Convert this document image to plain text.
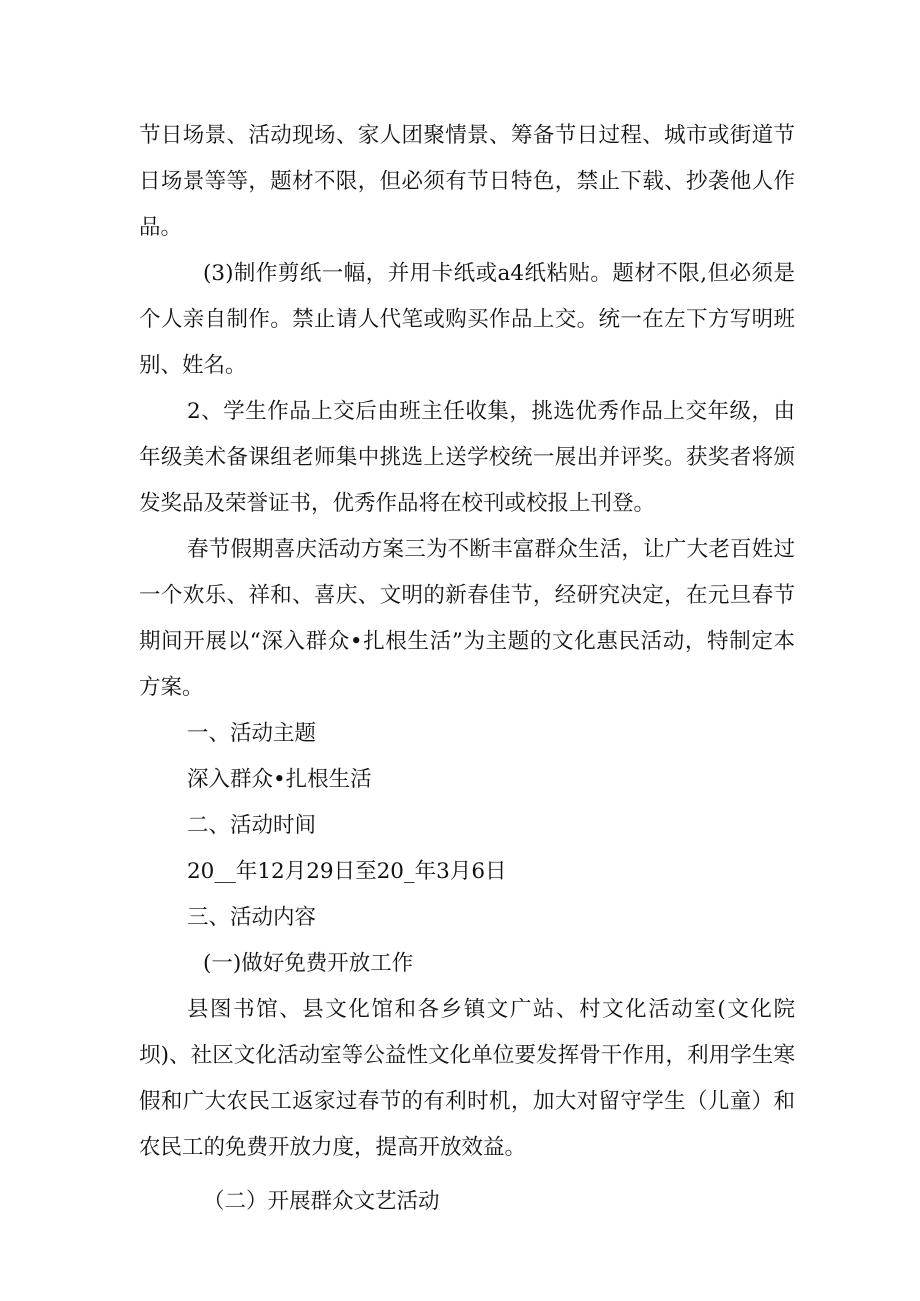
节日场景、活动现场、家人团聚情景、筹备节日过程、城市或街道节日场景等等，题材不限，但必须有节日特色，禁止下载、抄袭他人作品。

(3)制作剪纸一幅，并用卡纸或a4纸粘贴。题材不限,但必须是个人亲自制作。禁止请人代笔或购买作品上交。统一在左下方写明班别、姓名。

2、学生作品上交后由班主任收集，挑选优秀作品上交年级，由年级美术备课组老师集中挑选上送学校统一展出并评奖。获奖者将颁发奖品及荣誉证书，优秀作品将在校刊或校报上刊登。

春节假期喜庆活动方案三为不断丰富群众生活，让广大老百姓过一个欢乐、祥和、喜庆、文明的新春佳节，经研究决定，在元旦春节期间开展以“深入群众•扎根生活”为主题的文化惠民活动，特制定本方案。

一、活动主题

深入群众•扎根生活

二、活动时间

20__年12月29日至20_年3月6日

三、活动内容

(一)做好免费开放工作

县图书馆、县文化馆和各乡镇文广站、村文化活动室(文化院坝)、社区文化活动室等公益性文化单位要发挥骨干作用，利用学生寒假和广大农民工返家过春节的有利时机，加大对留守学生（儿童）和农民工的免费开放力度，提高开放效益。

（二）开展群众文艺活动
